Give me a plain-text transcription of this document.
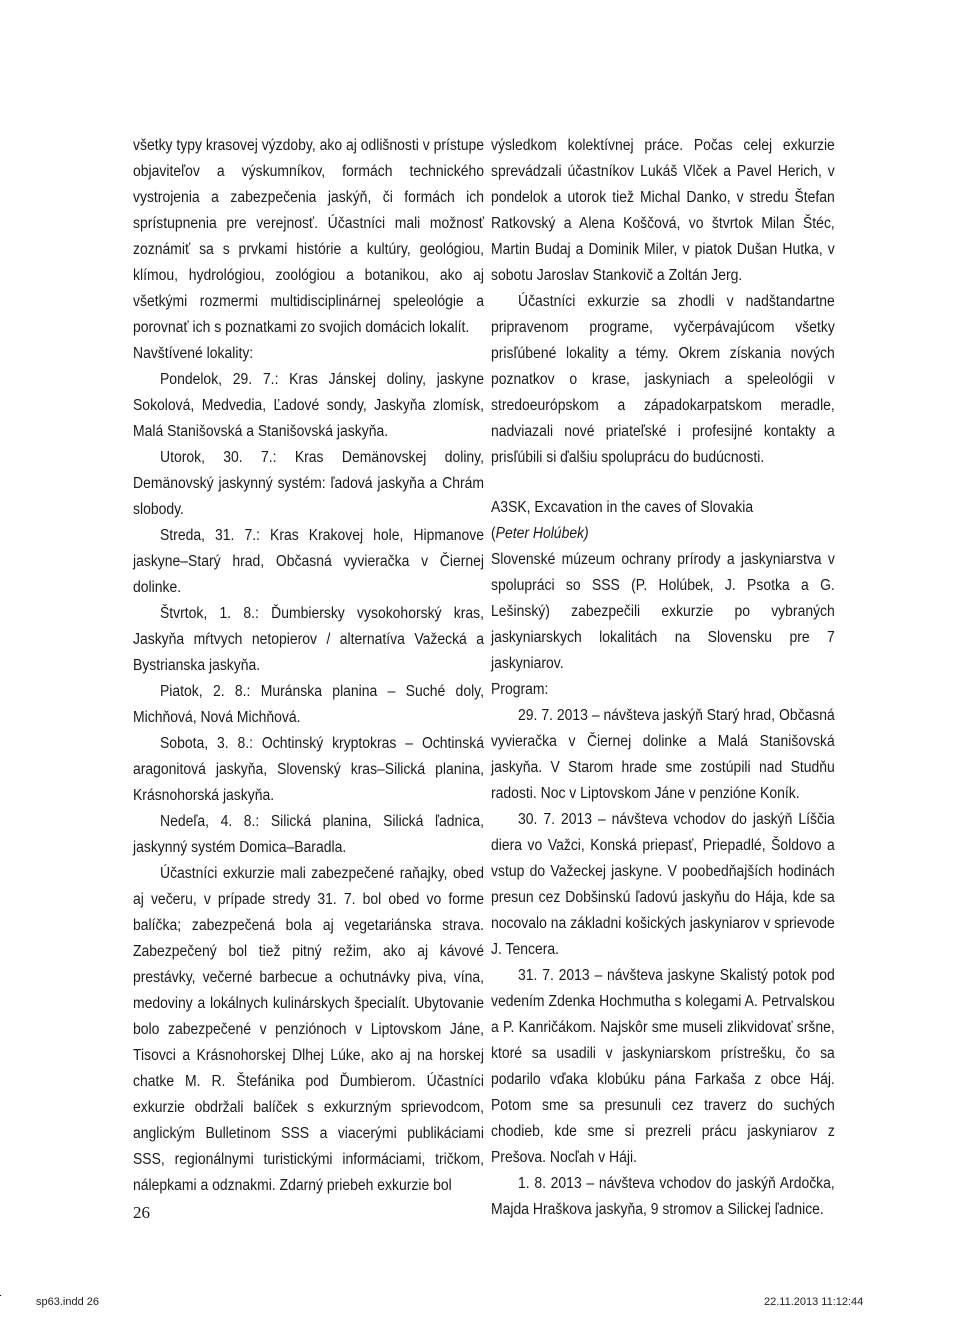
všetky typy krasovej výzdoby, ako aj odlišnosti v prístupe objaviteľov a výskumníkov, formách technického vystrojenia a zabezpečenia jaskýň, či formách ich sprístupnenia pre verejnosť. Účastníci mali možnosť zoznámiť sa s prvkami histórie a kultúry, geológiou, klímou, hydrológiou, zoológiou a botanikou, ako aj všetkými rozmermi multidisciplinárnej speleológie a porovnať ich s poznatkami zo svojich domácich lokalít.

Navštívené lokality:

Pondelok, 29. 7.: Kras Jánskej doliny, jaskyne Sokolová, Medvedia, Ľadové sondy, Jaskyňa zlomísk, Malá Stanišovská a Stanišovská jaskyňa.

Utorok, 30. 7.: Kras Demänovskej doliny, Demänovský jaskynný systém: ľadová jaskyňa a Chrám slobody.

Streda, 31. 7.: Kras Krakovej hole, Hipmanove jaskyne–Starý hrad, Občasná vyvieračka v Čiernej dolinke.

Štvrtok, 1. 8.: Ďumbiersky vysokohorský kras, Jaskyňa mŕtvych netopierov / alternatíva Važecká a Bystrianska jaskyňa.

Piatok, 2. 8.: Muránska planina – Suché doly, Michňová, Nová Michňová.

Sobota, 3. 8.: Ochtinský kryptokras – Ochtinská aragonitová jaskyňa, Slovenský kras–Silická planina, Krásnohorská jaskyňa.

Nedeľa, 4. 8.: Silická planina, Silická ľadnica, jaskynný systém Domica–Baradla.

Účastníci exkurzie mali zabezpečené raňajky, obed aj večeru, v prípade stredy 31. 7. bol obed vo forme balíčka; zabezpečená bola aj vegetariánska strava. Zabezpečený bol tiež pitný režim, ako aj kávové prestávky, večerné barbecue a ochutnávky piva, vína, medoviny a lokálnych kulinárskych špecialít. Ubytovanie bolo zabezpečené v penziónoch v Liptovskom Jáne, Tisovci a Krásnohorskej Dlhej Lúke, ako aj na horskej chatke M. R. Štefánika pod Ďumbierom. Účastníci exkurzie obdržali balíček s exkurzným sprievodcom, anglickým Bulletinom SSS a viacerými publikáciami SSS, regionálnymi turistickými informáciami, tričkom, nálepkami a odznakmi. Zdarný priebeh exkurzie bol

výsledkom kolektívnej práce. Počas celej exkurzie sprevádzali účastníkov Lukáš Vlček a Pavel Herich, v pondelok a utorok tiež Michal Danko, v stredu Štefan Ratkovský a Alena Koščová, vo štvrtok Milan Štéc, Martin Budaj a Dominik Miler, v piatok Dušan Hutka, v sobotu Jaroslav Stankovič a Zoltán Jerg.

Účastníci exkurzie sa zhodli v nadštandartne pripravenom programe, vyčerpávajúcom všetky prisľúbené lokality a témy. Okrem získania nových poznatkov o krase, jaskyniach a speleológii v stredoeurópskom a západokarpatskom meradle, nadviazali nové priateľské i profesijné kontakty a prisľúbili si ďalšiu spoluprácu do budúcnosti.

A3SK, Excavation in the caves of Slovakia

(Peter Holúbek)

Slovenské múzeum ochrany prírody a jaskyniarstva v spolupráci so SSS (P. Holúbek, J. Psotka a G. Lešinský) zabezpečili exkurzie po vybraných jaskyniarskych lokalitách na Slovensku pre 7 jaskyniarov.

Program:

29. 7. 2013 – návšteva jaskýň Starý hrad, Občasná vyvieračka v Čiernej dolinke a Malá Stanišovská jaskyňa. V Starom hrade sme zostúpili nad Studňu radosti. Noc v Liptovskom Jáne v penzióne Koník.

30. 7. 2013 – návšteva vchodov do jaskýň Líščia diera vo Važci, Konská priepasť, Priepadlé, Šoldovo a vstup do Važeckej jaskyne. V poobedňajších hodinách presun cez Dobšinskú ľadovú jaskyňu do Hája, kde sa nocovalo na základni košických jaskyniarov v sprievode J. Tencera.

31. 7. 2013 – návšteva jaskyne Skalistý potok pod vedením Zdenka Hochmutha s kolegami A. Petrvalskou a P. Kanričákom. Najskôr sme museli zlikvidovať sršne, ktoré sa usadili v jaskyniarskom prístrešku, čo sa podarilo vďaka klobúku pána Farkaša z obce Háj. Potom sme sa presunuli cez traverz do suchých chodieb, kde sme si prezreli prácu jaskyniarov z Prešova. Nocľah v Háji.

1. 8. 2013 – návšteva vchodov do jaskýň Ardočka, Majda Hraškova jaskyňa, 9 stromov a Silickej ľadnice.

26
sp63.indd 26	22.11.2013 11:12:44
